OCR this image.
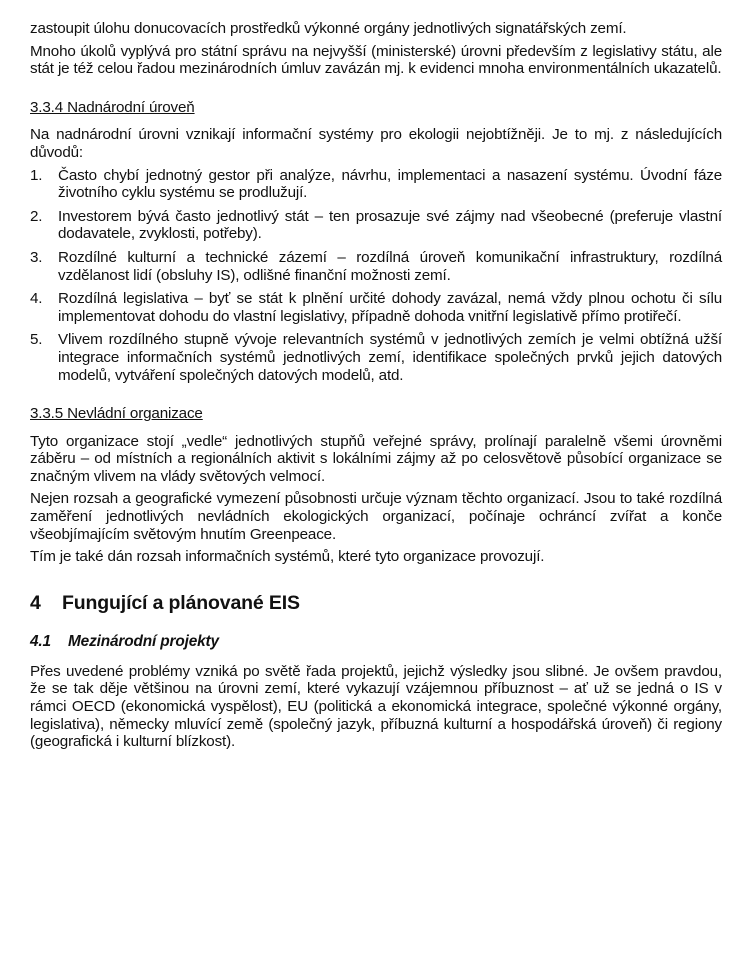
zastoupit úlohu donucovacích prostředků výkonné orgány jednotlivých signatářských zemí.

Mnoho úkolů vyplývá pro státní správu na nejvyšší (ministerské) úrovni především z legislativy státu, ale stát je též celou řadou mezinárodních úmluv zavázán mj. k evidenci mnoha environmentálních ukazatelů.

3.3.4 Nadnárodní úroveň

Na nadnárodní úrovni vznikají informační systémy pro ekologii nejobtížněji. Je to mj. z následujících důvodů:

1.	Často chybí jednotný gestor při analýze, návrhu, implementaci a nasazení systému. Úvodní fáze životního cyklu systému se prodlužují.
2.	Investorem bývá často jednotlivý stát – ten prosazuje své zájmy nad všeobecné (preferuje vlastní dodavatele, zvyklosti, potřeby).
3.	Rozdílné kulturní a technické zázemí – rozdílná úroveň komunikační infrastruktury, rozdílná vzdělanost lidí (obsluhy IS), odlišné finanční možnosti zemí.
4.	Rozdílná legislativa – byť se stát k plnění určité dohody zavázal, nemá vždy plnou ochotu či sílu implementovat dohodu do vlastní legislativy, případně dohoda vnitřní legislativě přímo protiřečí.
5.	Vlivem rozdílného stupně vývoje relevantních systémů v jednotlivých zemích je velmi obtížná užší integrace informačních systémů jednotlivých zemí, identifikace společných prvků jejich datových modelů, vytváření společných datových modelů, atd.
3.3.5 Nevládní organizace

Tyto organizace stojí „vedle“ jednotlivých stupňů veřejné správy, prolínají paralelně všemi úrovněmi záběru – od místních a regionálních aktivit s lokálními zájmy až po celosvětově působící organizace se značným vlivem na vlády světových velmocí.

Nejen rozsah a geografické vymezení působnosti určuje význam těchto organizací. Jsou to také rozdílná zaměření jednotlivých nevládních ekologických organizací, počínaje ochráncí zvířat a konče všeobjímajícím světovým hnutím Greenpeace.

Tím je také dán rozsah informačních systémů, které tyto organizace provozují.

4	Fungující a plánované EIS
4.1	Mezinárodní projekty

Přes uvedené problémy vzniká po světě řada projektů, jejichž výsledky jsou slibné. Je ovšem pravdou, že se tak děje většinou na úrovni zemí, které vykazují vzájemnou příbuznost – ať už se jedná o IS v rámci OECD (ekonomická vyspělost), EU (politická a ekonomická integrace, společné výkonné orgány, legislativa), německy mluvící země (společný jazyk, příbuzná kulturní a hospodářská úroveň) či regiony (geografická i kulturní blízkost).
